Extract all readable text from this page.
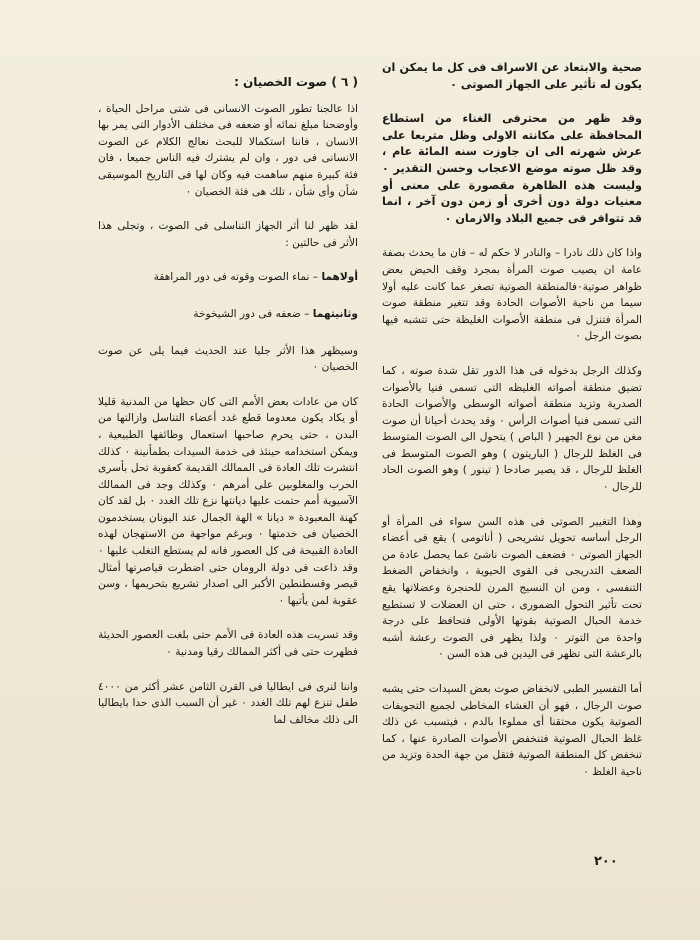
صحية والابتعاد عن الاسراف فى كل ما يمكن ان يكون له تأثير على الجهاز الصوتى ٠

وقد ظهر من محترفى الغناء من استطاع المحافظة على مكانته الاولى وظل متربعا على عرش شهرته الى ان جاوزت سنه المائة عام ، وقد ظل صوته موضع الاعجاب وحسن التقدير ٠ وليست هذه الظاهرة مقصورة على معنى أو معنيات دولة دون أخرى أو زمن دون آخر ، انما قد تتوافر فى جميع البلاد والازمان ٠

واذا كان ذلك نادرا – والنادر لا حكم له – فان ما يحدث بصفة عامة ان يصيب صوت المرأة بمجرد وقف الحيض بعض ظواهر صوتية٠فالمنطقة الصوتية تصغر عما كانت عليه أولا سيما من ناحية الأصوات الحادة وقد تتغير منطقة صوت المرأة فتنزل فى منطقة الأصوات الغليظة حتى تتشبه فيها بصوت الرجل ٠

وكذلك الرجل بدخوله فى هذا الدور تقل شدة صوته ، كما تضيق منطقة أصواته الغليظه التى تسمى فنيا بالأصوات الصدرية وتزيد منطقة أصواته الوسطى والأصوات الحادة التى تسمى فنيا أصوات الرأس ٠ وقد يحدث أحيانا أن صوت مغن من نوع الجهير ( الباص ) يتحول الى الصوت المتوسط فى الغلظ للرجال ( الباريتون ) وهو الصوت المتوسط فى الغلظ للرجال ، قد يصير صادحا ( تينور ) وهو الصوت الحاد للرجال ٠

وهذا التغيير الصوتى فى هذه السن سواء فى المرأة أو الرجل أساسه تحويل تشريحى ( أناتومى ) يقع فى أعضاء الجهاز الصوتى ٠ فضعف الصوت ناشئ عما يحصل عادة من الضعف التدريجى فى القوى الحيوية ، وانخفاض الضغط التنفسى ، ومن ان النسيج المرن للحنجرة وعضلاتها يقع تحت تأثير التحول الضمورى ، حتى ان العضلات لا تستطيع خدمة الحبال الصوتية بقوتها الأولى فتحافظ على درجة واحدة من التوتر ٠ ولذا يظهر فى الصوت رعشة أشبه بالرعشة التى تظهر فى اليدين فى هذه السن ٠

أما التفسير الطبى لانخفاض صوت بعض السيدات حتى يشبه صوت الرجال ، فهو أن الغشاء المخاطى لجميع التجويفات الصوتية يكون محتقنا أى مملوءا بالدم ، فيتسبب عن ذلك غلظ الحبال الصوتية فتنخفض الأصوات الصادرة عنها ، كما تنخفض كل المنطقة الصوتية فتقل من جهة الحدة وتزيد من ناحية الغلظ ٠

( ٦ ) صوت الخصيان :

اذا عالجنا تطور الصوت الانسانى فى شتى مراحل الحياة ، وأوضحنا مبلغ نمائه أو ضعفه فى مختلف الأدوار التى يمر بها الانسان ، فاننا استكمالا للبحث نعالج الكلام عن الصوت الانسانى فى دور ، وان لم يشترك فيه الناس جميعا ، فان فئة كبيرة منهم ساهمت فيه وكان لها فى التاريخ الموسيقى شأن وأى شأن ، تلك هى فئة الخصيان ٠

لقد ظهر لنا أثر الجهاز التناسلى فى الصوت ، وتجلى هذا الأثر فى حالتين :

أولاهما – نماء الصوت وقوته فى دور المراهقة

وثانيتهما – ضعفه فى دور الشيخوخة

وسيظهر هذا الأثر جليا عند الحديث فيما يلى عن صوت الخصيان ٠

كان من عادات بعض الأمم التى كان حظها من المدنية قليلا أو يكاد يكون معدوما قطع غدد أعضاء التناسل وازالتها من البدن ، حتى يحرم صاحبها استعمال وظائفها الطبيعية ، ويمكن استخدامه حينئذ فى خدمة السيدات بطمأنينة ٠ كذلك انتشرت تلك العادة فى الممالك القديمة كعقوبة تحل بأسرى الحرب والمغلوبين على أمرهم ٠ وكذلك وجد فى الممالك الآسيوية أمم حتمت عليها ديانتها نزع تلك الغدد ٠ بل لقد كان كهنة المعبودة « ديانا » الهة الجمال عند اليونان يستخدمون الخصيان فى خدمتها ٠ وبرغم مواجهة من الاستهجان لهذه العادة القبيحة فى كل العصور فانه لم يستطع التغلب عليها ٠ وقد ذاعت فى دولة الرومان حتى اضطرت قياصرتها أمثال قيصر وقسطنطين الأكبر الى اصدار تشريع بتحريمها ، وسن عقوبة لمن يأتيها ٠

وقد تسربت هذه العادة فى الأمم حتى بلغت العصور الحديثة فظهرت حتى فى أكثر الممالك رقيا ومدنية ٠

واننا لنرى فى ايطاليا فى القرن الثامن عشر أكثر من ٤٠٠٠ طفل تنزع لهم تلك الغدد ٠ غير أن السبب الذى حدا بايطاليا الى ذلك مخالف لما

٢٠٠
